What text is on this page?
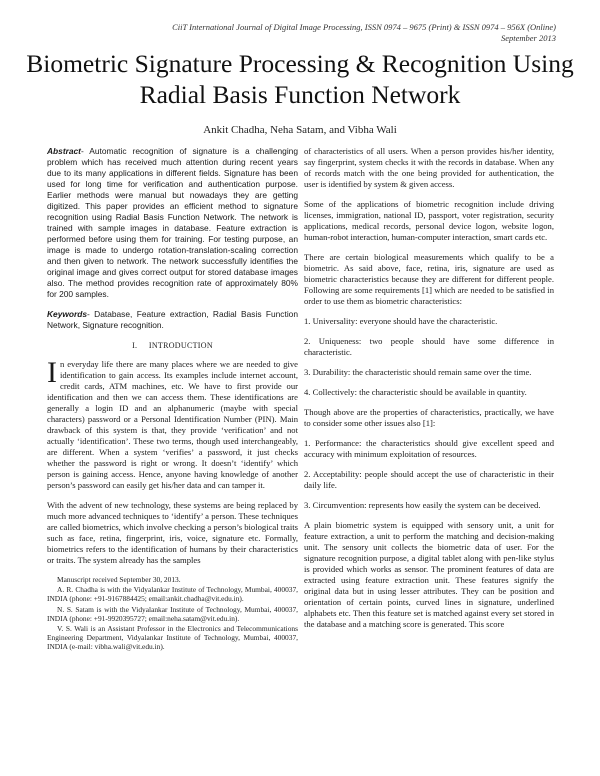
CiiT International Journal of Digital Image Processing, ISSN 0974 – 9675 (Print) & ISSN 0974 – 956X (Online)
September 2013
Biometric Signature Processing & Recognition Using
Radial Basis Function Network
Ankit Chadha, Neha Satam, and Vibha Wali

Abstract- Automatic recognition of signature is a challenging problem which has received much attention during recent years due to its many applications in different fields. Signature has been used for long time for verification and authentication purpose. Earlier methods were manual but nowadays they are getting digitized. This paper provides an efficient method to signature recognition using Radial Basis Function Network. The network is trained with sample images in database. Feature extraction is performed before using them for training. For testing purpose, an image is made to undergo rotation-translation-scaling correction and then given to network. The network successfully identifies the original image and gives correct output for stored database images also. The method provides recognition rate of approximately 80% for 200 samples.

Keywords- Database, Feature extraction, Radial Basis Function Network, Signature recognition.

I. INTRODUCTION

In everyday life there are many places where we are needed to give identification to gain access. Its examples include internet account, credit cards, ATM machines, etc. We have to first provide our identification and then we can access them. These identifications are generally a login ID and an alphanumeric (maybe with special characters) password or a Personal Identification Number (PIN). Main drawback of this system is that, they provide ‘verification’ and not actually ‘identification’. These two terms, though used interchangeably, are different. When a system ‘verifies’ a password, it just checks whether the password is right or wrong. It doesn’t ‘identify’ which person is gaining access. Hence, anyone having knowledge of another person’s password can easily get his/her data and can tamper it.

With the advent of new technology, these systems are being replaced by much more advanced techniques to ‘identify’ a person. These techniques are called biometrics, which involve checking a person’s biological traits such as face, retina, fingerprint, iris, voice, signature etc. Formally, biometrics refers to the identification of humans by their characteristics or traits. The system already has the samples

Manuscript received September 30, 2013.

A. R. Chadha is with the Vidyalankar Institute of Technology, Mumbai, 400037, INDIA (phone: +91-9167884425; email:ankit.chadha@vit.edu.in).

N. S. Satam is with the Vidyalankar Institute of Technology, Mumbai, 400037, INDIA (phone: +91-9920395727; email:neha.satam@vit.edu.in).

V. S. Wali is an Assistant Professor in the Electronics and Telecommunications Engineering Department, Vidyalankar Institute of Technology, Mumbai, 400037, INDIA (e-mail: vibha.wali@vit.edu.in).

of characteristics of all users. When a person provides his/her identity, say fingerprint, system checks it with the records in database. When any of records match with the one being provided for authentication, the user is identified by system & given access.

Some of the applications of biometric recognition include driving licenses, immigration, national ID, passport, voter registration, security applications, medical records, personal device logon, website logon, human-robot interaction, human-computer interaction, smart cards etc.

There are certain biological measurements which qualify to be a biometric. As said above, face, retina, iris, signature are used as biometric characteristics because they are different for different people. Following are some requirements [1] which are needed to be satisfied in order to use them as biometric characteristics:

1. Universality: everyone should have the characteristic.

2. Uniqueness: two people should have some difference in characteristic.

3. Durability: the characteristic should remain same over the time.

4. Collectively: the characteristic should be available in quantity.

Though above are the properties of characteristics, practically, we have to consider some other issues also [1]:

1. Performance: the characteristics should give excellent speed and accuracy with minimum exploitation of resources.

2. Acceptability: people should accept the use of characteristic in their daily life.

3. Circumvention: represents how easily the system can be deceived.

A plain biometric system is equipped with sensory unit, a unit for feature extraction, a unit to perform the matching and decision-making unit. The sensory unit collects the biometric data of user. For the signature recognition purpose, a digital tablet along with pen-like stylus is provided which works as sensor. The prominent features of data are extracted using feature extraction unit. These features signify the original data but in using lesser attributes. They can be position and orientation of certain points, curved lines in signature, underlined alphabets etc. Then this feature set is matched against every set stored in the database and a matching score is generated. This score
